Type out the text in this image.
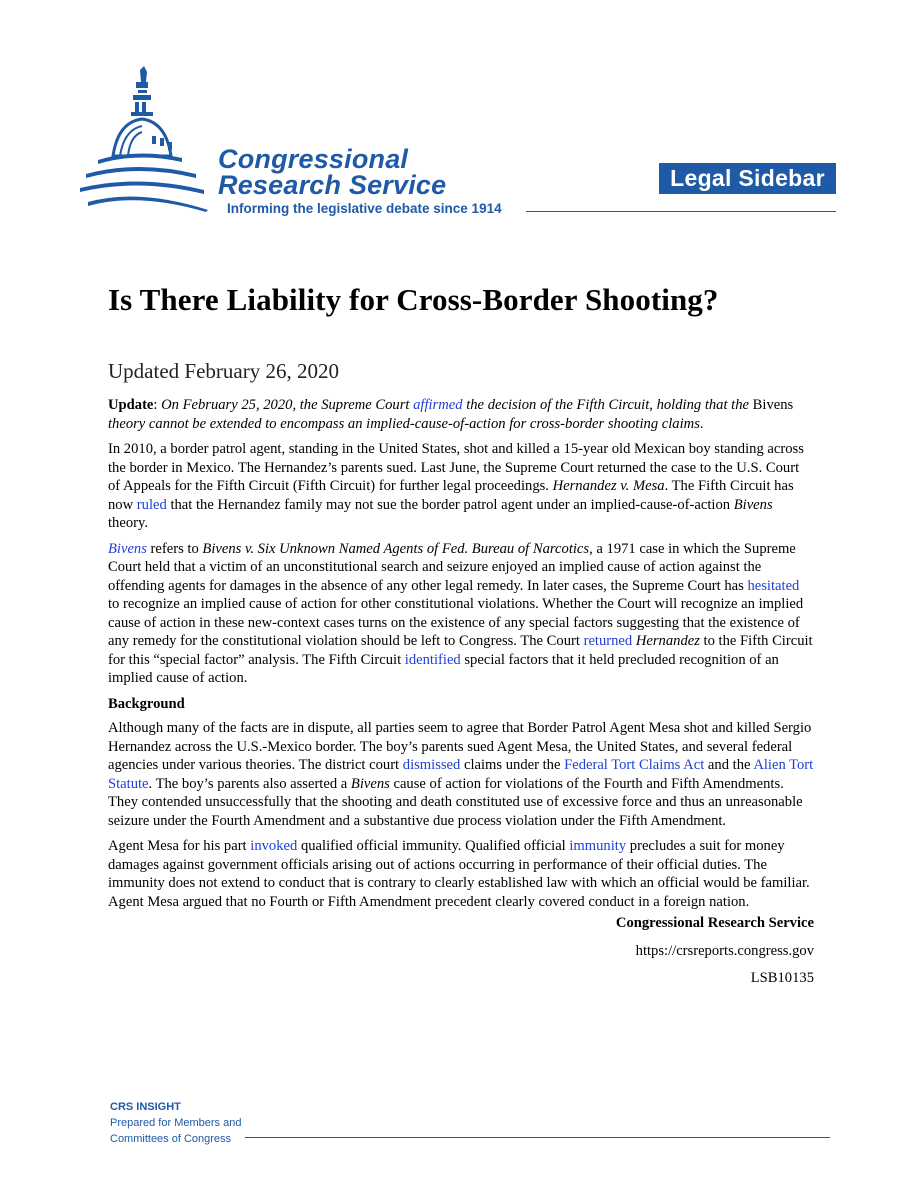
Congressional
Research Service
Informing the legislative debate since 1914
Legal Sidebar
Is There Liability for Cross-Border Shooting?
Updated February 26, 2020

Update: On February 25, 2020, the Supreme Court affirmed the decision of the Fifth Circuit, holding that the Bivens theory cannot be extended to encompass an implied-cause-of-action for cross-border shooting claims.

In 2010, a border patrol agent, standing in the United States, shot and killed a 15-year old Mexican boy standing across the border in Mexico. The Hernandez’s parents sued. Last June, the Supreme Court returned the case to the U.S. Court of Appeals for the Fifth Circuit (Fifth Circuit) for further legal proceedings. Hernandez v. Mesa. The Fifth Circuit has now ruled that the Hernandez family may not sue the border patrol agent under an implied-cause-of-action Bivens theory.

Bivens refers to Bivens v. Six Unknown Named Agents of Fed. Bureau of Narcotics, a 1971 case in which the Supreme Court held that a victim of an unconstitutional search and seizure enjoyed an implied cause of action against the offending agents for damages in the absence of any other legal remedy. In later cases, the Supreme Court has hesitated to recognize an implied cause of action for other constitutional violations. Whether the Court will recognize an implied cause of action in these new-context cases turns on the existence of any special factors suggesting that the existence of any remedy for the constitutional violation should be left to Congress. The Court returned Hernandez to the Fifth Circuit for this “special factor” analysis. The Fifth Circuit identified special factors that it held precluded recognition of an implied cause of action.

Background

Although many of the facts are in dispute, all parties seem to agree that Border Patrol Agent Mesa shot and killed Sergio Hernandez across the U.S.-Mexico border. The boy’s parents sued Agent Mesa, the United States, and several federal agencies under various theories. The district court dismissed claims under the Federal Tort Claims Act and the Alien Tort Statute. The boy’s parents also asserted a Bivens cause of action for violations of the Fourth and Fifth Amendments. They contended unsuccessfully that the shooting and death constituted use of excessive force and thus an unreasonable seizure under the Fourth Amendment and a substantive due process violation under the Fifth Amendment.

Agent Mesa for his part invoked qualified official immunity. Qualified official immunity precludes a suit for money damages against government officials arising out of actions occurring in performance of their official duties. The immunity does not extend to conduct that is contrary to clearly established law with which an official would be familiar. Agent Mesa argued that no Fourth or Fifth Amendment precedent clearly covered conduct in a foreign nation.

Congressional Research Service
https://crsreports.congress.gov
LSB10135
CRS INSIGHT
Prepared for Members and
Committees of Congress
